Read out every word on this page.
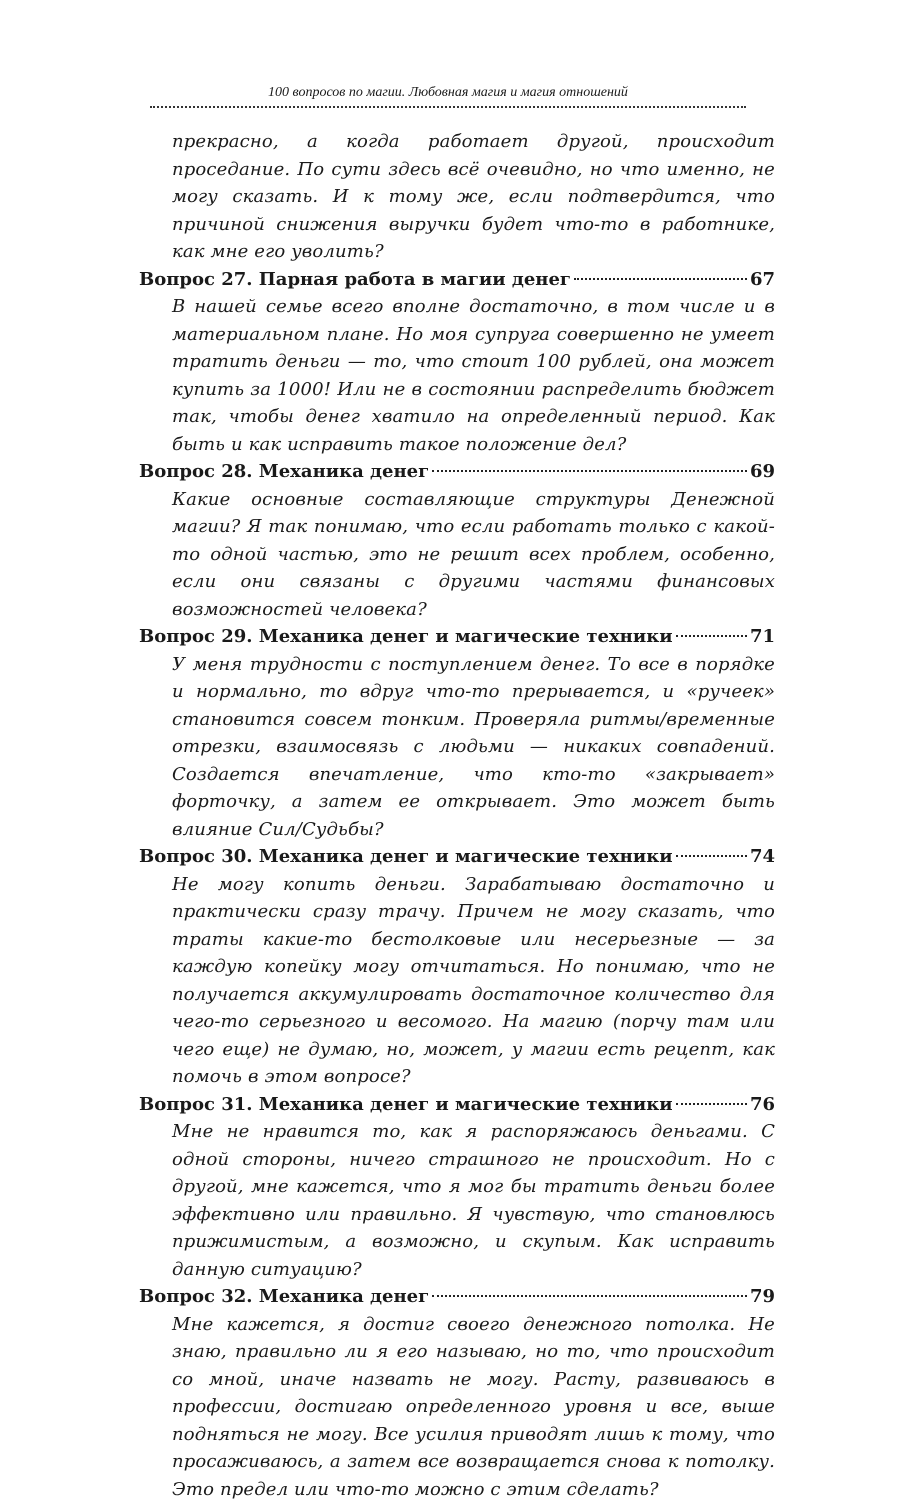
100 вопросов по магии. Любовная магия и магия отношений

прекрасно, а когда работает другой, происходит проседание. По сути здесь всё очевидно, но что именно, не могу сказать. И к тому же, если подтвердится, что причиной снижения выручки будет что-то в работнике, как мне его уволить?

Вопрос 27. Парная работа в магии денег	67

В нашей семье всего вполне достаточно, в том числе и в материальном плане. Но моя супруга совершенно не умеет тратить деньги — то, что стоит 100 рублей, она может купить за 1000! Или не в состоянии распределить бюджет так, чтобы денег хватило на определенный период. Как быть и как исправить такое положение дел?

Вопрос 28. Механика денег	69

Какие основные составляющие структуры Денежной магии? Я так понимаю, что если работать только с какой-то одной частью, это не решит всех проблем, особенно, если они связаны с другими частями финансовых возможностей человека?

Вопрос 29. Механика денег и магические техники	71

У меня трудности с поступлением денег. То все в порядке и нормально, то вдруг что-то прерывается, и «ручеек» становится совсем тонким. Проверяла ритмы/временные отрезки, взаимосвязь с людьми — никаких совпадений. Создается впечатление, что кто-то «закрывает» форточку, а затем ее открывает. Это может быть влияние Сил/Судьбы?

Вопрос 30. Механика денег и магические техники	74

Не могу копить деньги. Зарабатываю достаточно и практически сразу трачу. Причем не могу сказать, что траты какие-то бестолковые или несерьезные — за каждую копейку могу отчитаться. Но понимаю, что не получается аккумулировать достаточное количество для чего-то серьезного и весомого. На магию (порчу там или чего еще) не думаю, но, может, у магии есть рецепт, как помочь в этом вопросе?

Вопрос 31. Механика денег и магические техники	76

Мне не нравится то, как я распоряжаюсь деньгами. С одной стороны, ничего страшного не происходит. Но с другой, мне кажется, что я мог бы тратить деньги более эффективно или правильно. Я чувствую, что становлюсь прижимистым, а возможно, и скупым. Как исправить данную ситуацию?

Вопрос 32. Механика денег	79

Мне кажется, я достиг своего денежного потолка. Не знаю, правильно ли я его называю, но то, что происходит со мной, иначе назвать не могу. Расту, развиваюсь в профессии, достигаю определенного уровня и все, выше подняться не могу. Все усилия приводят лишь к тому, что просаживаюсь, а затем все возвращается снова к потолку. Это предел или что-то можно с этим сделать?
